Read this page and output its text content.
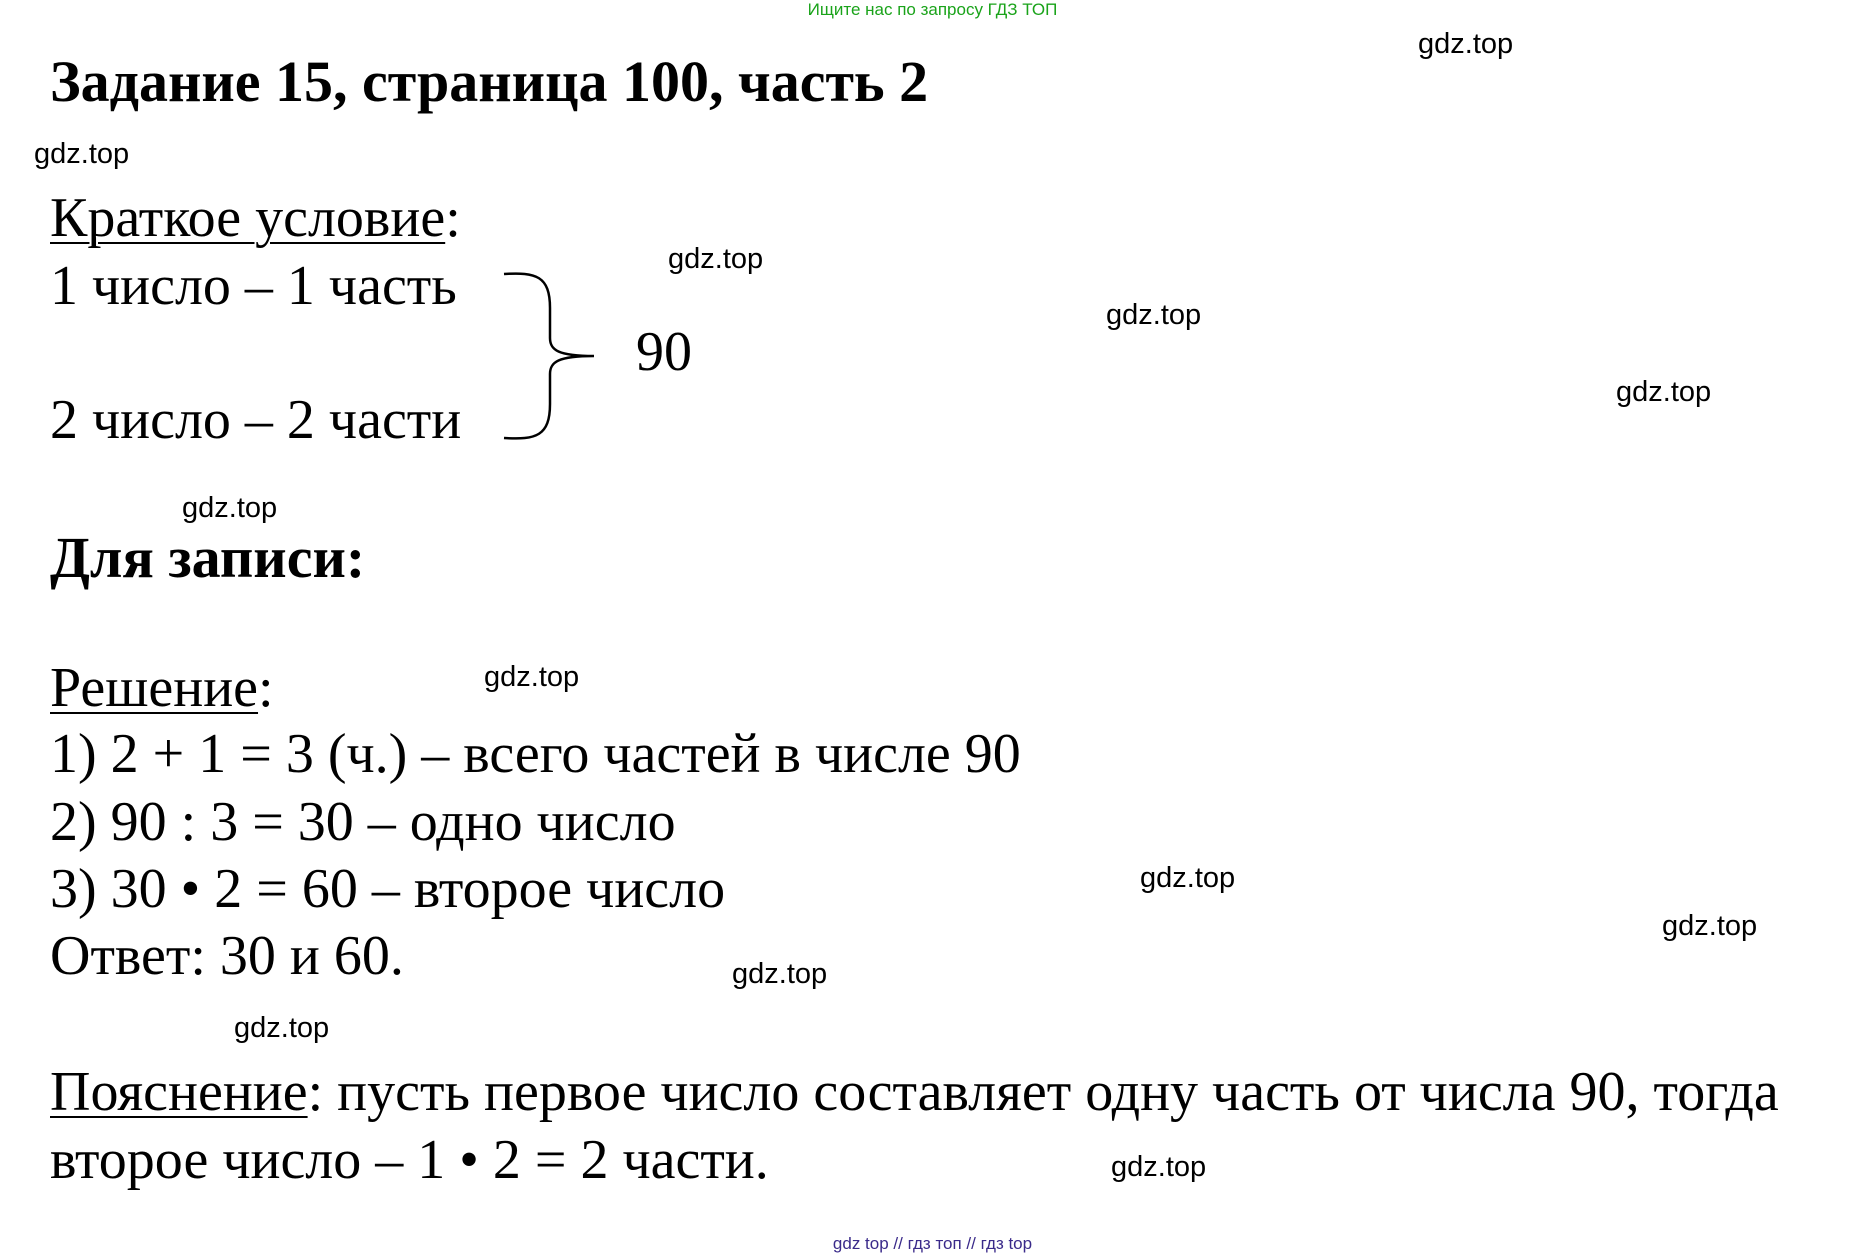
Ищите нас по запросу ГДЗ ТОП
Задание 15, страница 100, часть 2
gdz.top
gdz.top
gdz.top
gdz.top
gdz.top
gdz.top
gdz.top
gdz.top
gdz.top
gdz.top
gdz.top
gdz.top
Краткое условие:
1 число – 1 часть
2 число – 2 части
90
Для записи:
Решение:
1) 2 + 1 = 3 (ч.) – всего частей в числе 90
2) 90 : 3 = 30 – одно число
3) 30 • 2 = 60 – второе число
Ответ: 30 и 60.
Пояснение: пусть первое число составляет одну часть от числа 90, тогда
второе число – 1 • 2 = 2 части.
gdz top // гдз топ // гдз top
